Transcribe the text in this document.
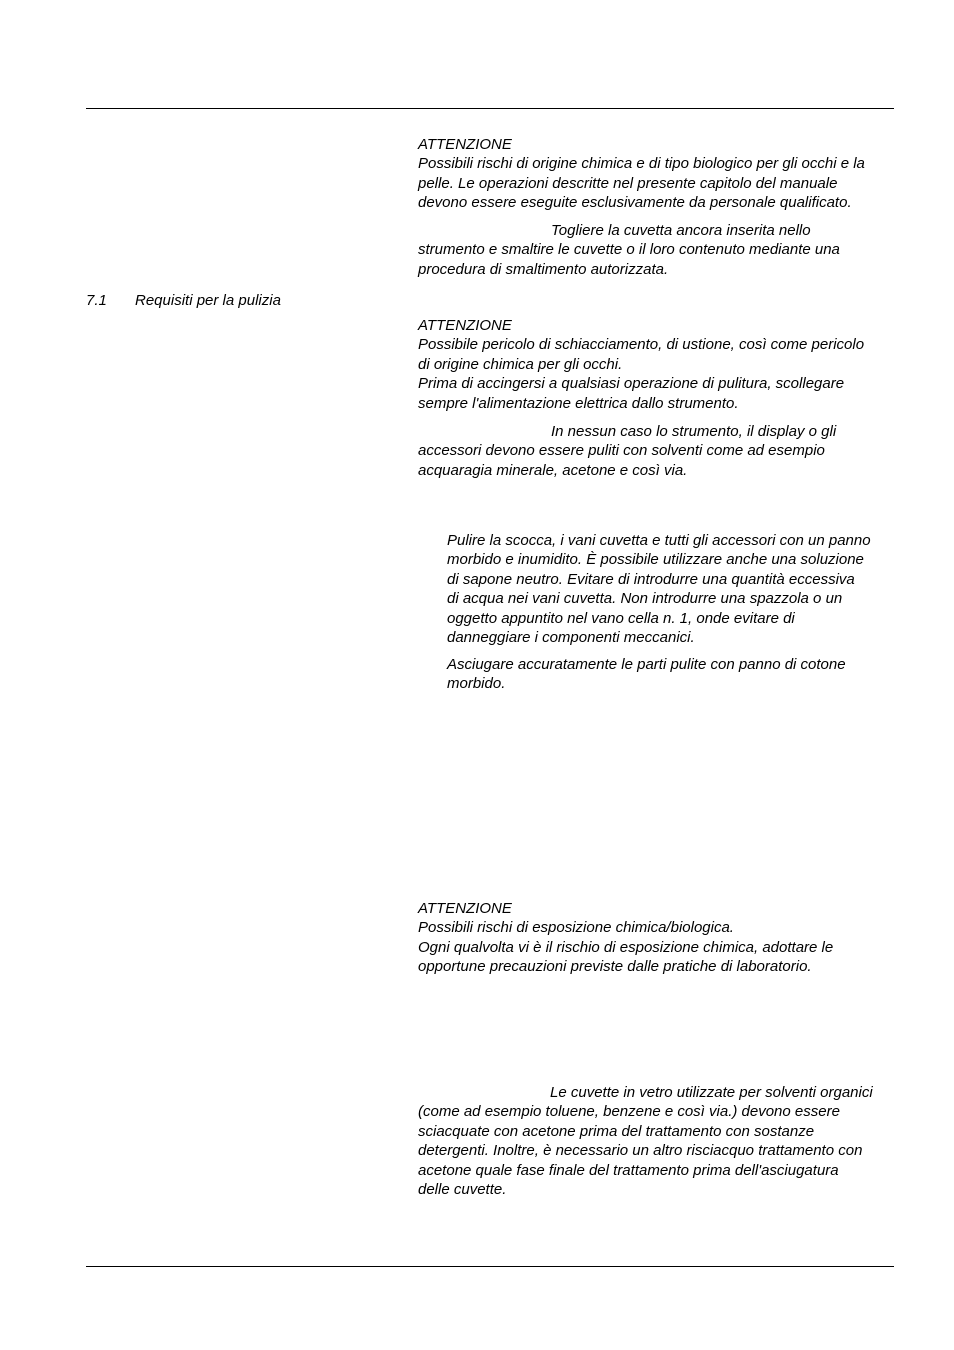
ATTENZIONE
Possibili rischi di origine chimica e di tipo biologico per gli occhi e la
pelle. Le operazioni descritte nel presente capitolo del manuale
devono essere eseguite esclusivamente da personale qualificato.
Togliere la cuvetta ancora inserita nello
strumento e smaltire le cuvette o il loro contenuto mediante una
procedura di smaltimento autorizzata.
7.1 Requisiti per la pulizia
ATTENZIONE
Possibile pericolo di schiacciamento, di ustione, così come pericolo
di origine chimica per gli occhi.
Prima di accingersi a qualsiasi operazione di pulitura, scollegare
sempre l'alimentazione elettrica dallo strumento.
In nessun caso lo strumento, il display o gli
accessori devono essere puliti con solventi come ad esempio
acquaragia minerale, acetone e così via.
Pulire la scocca, i vani cuvetta e tutti gli accessori con un panno
morbido e inumidito. È possibile utilizzare anche una soluzione
di sapone neutro. Evitare di introdurre una quantità eccessiva
di acqua nei vani cuvetta. Non introdurre una spazzola o un
oggetto appuntito nel vano cella n. 1, onde evitare di
danneggiare i componenti meccanici.
Asciugare accuratamente le parti pulite con panno di cotone
morbido.
ATTENZIONE
Possibili rischi di esposizione chimica/biologica.
Ogni qualvolta vi è il rischio di esposizione chimica, adottare le
opportune precauzioni previste dalle pratiche di laboratorio.
Le cuvette in vetro utilizzate per solventi organici
(come ad esempio toluene, benzene e così via.) devono essere
sciacquate con acetone prima del trattamento con sostanze
detergenti. Inoltre, è necessario un altro risciacquo trattamento con
acetone quale fase finale del trattamento prima dell'asciugatura
delle cuvette.
